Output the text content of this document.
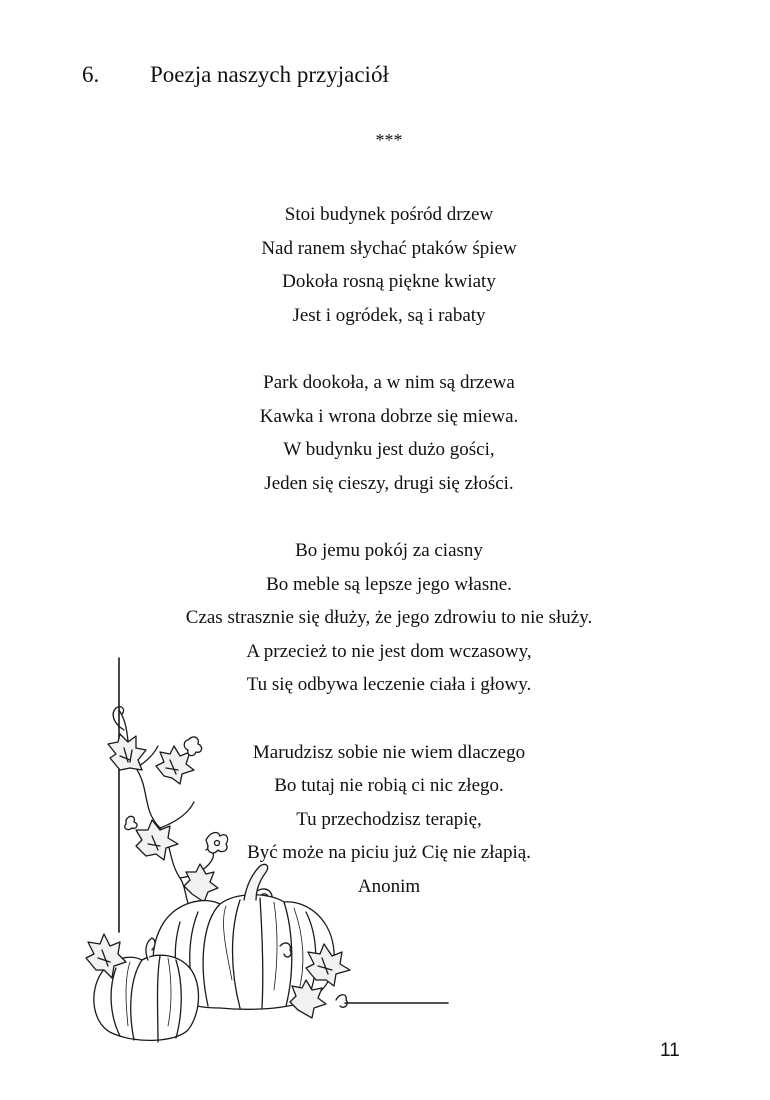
6. Poezja naszych przyjaciół
***
Stoi budynek pośród drzew
Nad ranem słychać ptaków śpiew
Dokoła rosną piękne kwiaty
Jest i ogródek, są i rabaty
Park dookoła, a w nim są drzewa
Kawka i wrona dobrze się miewa.
W budynku jest dużo gości,
Jeden się cieszy, drugi się złości.
Bo jemu pokój za ciasny
Bo meble są lepsze jego własne.
Czas strasznie się dłuży, że jego zdrowiu to nie służy.
A przecież to nie jest dom wczasowy,
Tu się odbywa leczenie ciała i głowy.
Marudzisz sobie nie wiem dlaczego
Bo tutaj nie robią ci nic złego.
Tu przechodzisz terapię,
Być może na piciu już Cię nie złapią.
Anonim
11
